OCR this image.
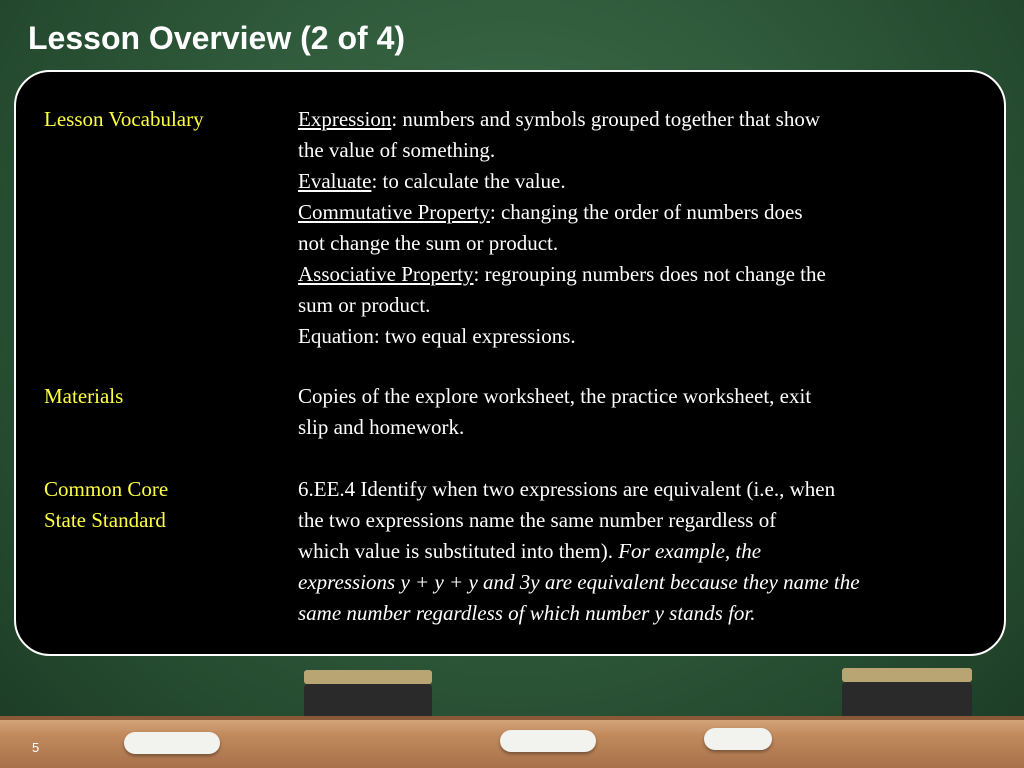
Lesson Overview (2 of 4)
Lesson Vocabulary	Expression: numbers and symbols grouped together that show
the value of something.
Evaluate: to calculate the value.
Commutative Property: changing the order of numbers does
not change the sum or product.
Associative Property: regrouping numbers does not change the
sum or product.
Equation: two equal expressions.
Materials	Copies of the explore worksheet, the practice worksheet, exit
slip and homework.
Common Core
State Standard
6.EE.4 Identify when two expressions are equivalent (i.e., when
the two expressions name the same number regardless of
which value is substituted into them). For example, the
expressions y + y + y and 3y are equivalent because they name the
same number regardless of which number y stands for.
5
